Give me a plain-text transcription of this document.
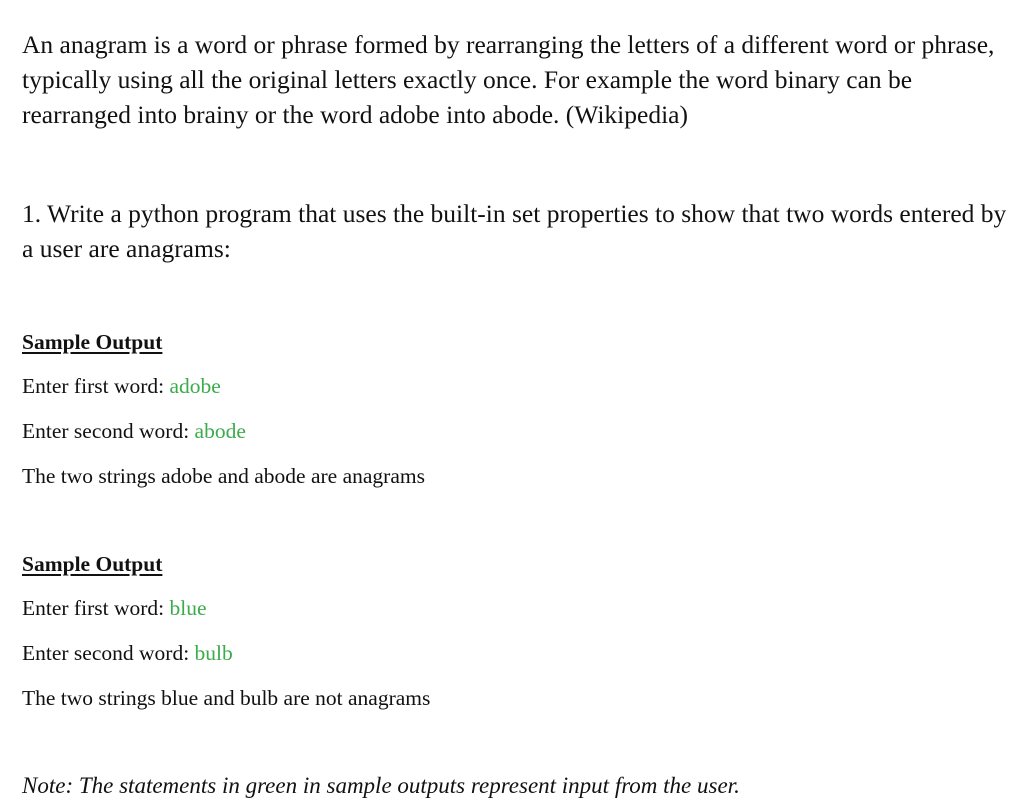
An anagram is a word or phrase formed by rearranging the letters of a different word or phrase, typically using all the original letters exactly once. For example the word binary can be rearranged into brainy or the word adobe into abode. (Wikipedia)

1. Write a python program that uses the built-in set properties to show that two words entered by a user are anagrams:

Sample Output
Enter first word: adobe
Enter second word: abode
The two strings adobe and abode are anagrams
Sample Output
Enter first word: blue
Enter second word: bulb
The two strings blue and bulb are not anagrams
Note: The statements in green in sample outputs represent input from the user.
